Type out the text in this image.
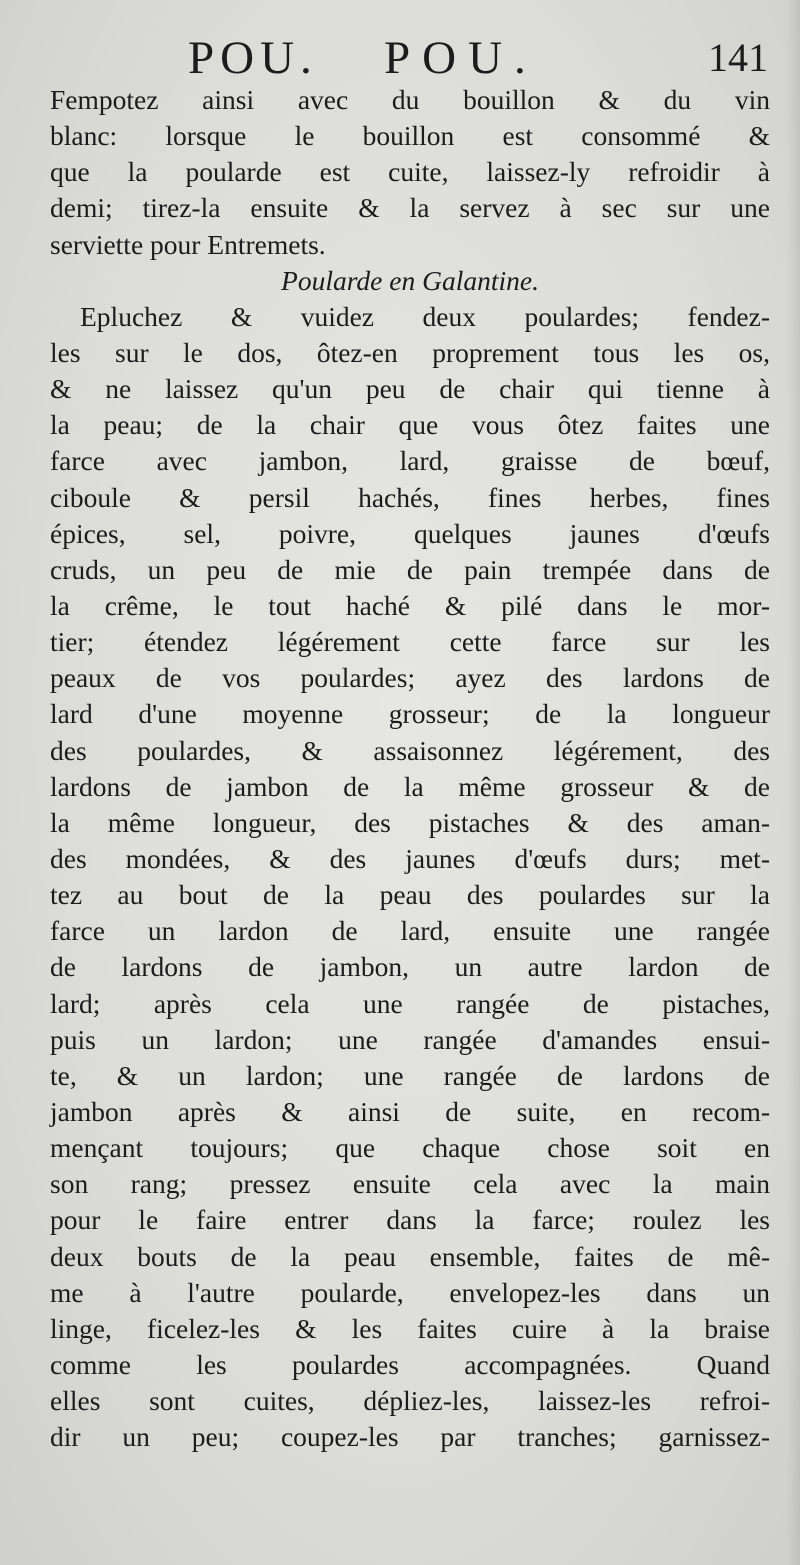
POU. POU.	141
Fempotez ainsi avec du bouillon & du vin
blanc: lorsque le bouillon est consommé &
que la poularde est cuite, laissez-ly refroidir à
demi; tirez-la ensuite & la servez à sec sur une
serviette pour Entremets.
Poularde en Galantine.
Epluchez & vuidez deux poulardes; fendez-
les sur le dos, ôtez-en proprement tous les os,
& ne laissez qu'un peu de chair qui tienne à
la peau; de la chair que vous ôtez faites une
farce avec jambon, lard, graisse de bœuf,
ciboule & persil hachés, fines herbes, fines
épices, sel, poivre, quelques jaunes d'œufs
cruds, un peu de mie de pain trempée dans de
la crême, le tout haché & pilé dans le mor-
tier; étendez légérement cette farce sur les
peaux de vos poulardes; ayez des lardons de
lard d'une moyenne grosseur; de la longueur
des poulardes, & assaisonnez légérement, des
lardons de jambon de la même grosseur & de
la même longueur, des pistaches & des aman-
des mondées, & des jaunes d'œufs durs; met-
tez au bout de la peau des poulardes sur la
farce un lardon de lard, ensuite une rangée
de lardons de jambon, un autre lardon de
lard; après cela une rangée de pistaches,
puis un lardon; une rangée d'amandes ensui-
te, & un lardon; une rangée de lardons de
jambon après & ainsi de suite, en recom-
mençant toujours; que chaque chose soit en
son rang; pressez ensuite cela avec la main
pour le faire entrer dans la farce; roulez les
deux bouts de la peau ensemble, faites de mê-
me à l'autre poularde, envelopez-les dans un
linge, ficelez-les & les faites cuire à la braise
comme les poulardes accompagnées. Quand
elles sont cuites, dépliez-les, laissez-les refroi-
dir un peu; coupez-les par tranches; garnissez-
